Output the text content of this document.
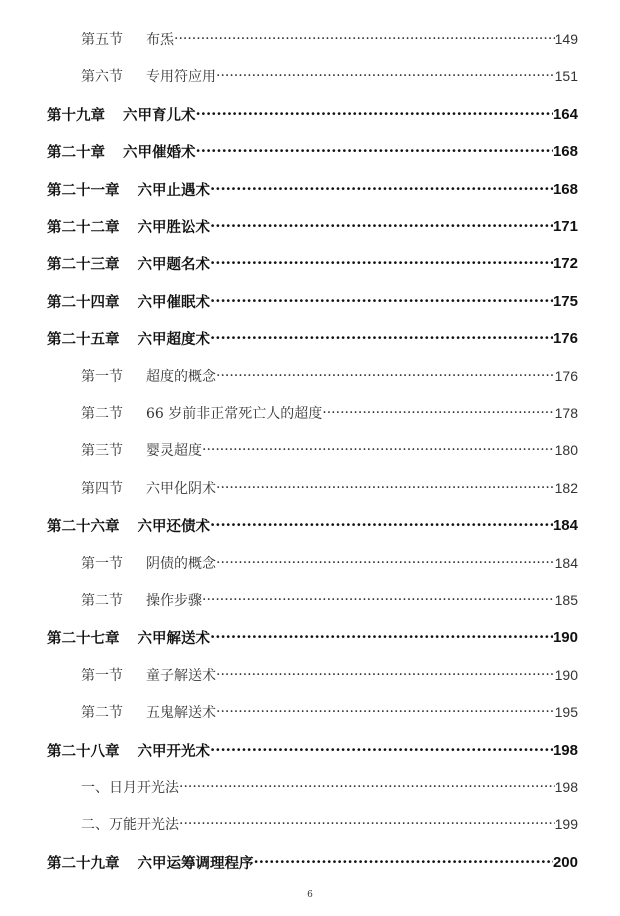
第五节	布炁 ·····	149
第六节	专用符应用 ·····	151
第十九章 六甲育儿术 ·····	164
第二十章 六甲催婚术 ·····	168
第二十一章 六甲止遇术 ·····	168
第二十二章 六甲胜讼术 ·····	171
第二十三章 六甲题名术 ·····	172
第二十四章 六甲催眠术 ·····	175
第二十五章 六甲超度术 ·····	176
第一节	超度的概念 ·····	176
第二节	66 岁前非正常死亡人的超度 ·····	178
第三节	婴灵超度 ·····	180
第四节	六甲化阴术 ·····	182
第二十六章 六甲还债术 ·····	184
第一节	阴债的概念 ·····	184
第二节	操作步骤 ·····	185
第二十七章 六甲解送术 ·····	190
第一节	童子解送术 ·····	190
第二节	五鬼解送术 ·····	195
第二十八章 六甲开光术 ·····	198
一、日月开光法 ·····	198
二、万能开光法 ·····	199
第二十九章 六甲运筹调理程序 ·····	200
6
